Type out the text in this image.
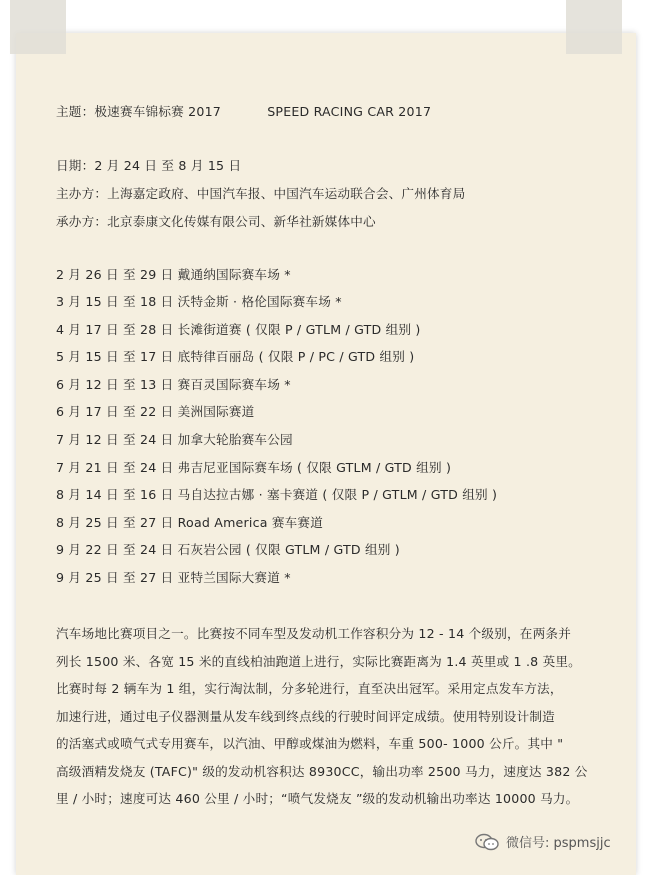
主题：极速赛车锦标赛 2017	SPEED RACING CAR 2017
日期：2 月 24 日 至 8 月 15 日
主办方：上海嘉定政府、中国汽车报、中国汽车运动联合会、广州体育局
承办方：北京泰康文化传媒有限公司、新华社新媒体中心
2 月 26 日 至 29 日 戴通纳国际赛车场 *
3 月 15 日 至 18 日 沃特金斯 · 格伦国际赛车场 *
4 月 17 日 至 28 日 长滩街道赛 ( 仅限 P / GTLM / GTD 组别 )
5 月 15 日 至 17 日 底特律百丽岛 ( 仅限 P / PC / GTD 组别 )
6 月 12 日 至 13 日 赛百灵国际赛车场 *
6 月 17 日 至 22 日 美洲国际赛道
7 月 12 日 至 24 日 加拿大轮胎赛车公园
7 月 21 日 至 24 日 弗吉尼亚国际赛车场 ( 仅限 GTLM / GTD 组别 )
8 月 14 日 至 16 日 马自达拉古娜 · 塞卡赛道 ( 仅限 P / GTLM / GTD 组别 )
8 月 25 日 至 27 日 Road America 赛车赛道
9 月 22 日 至 24 日 石灰岩公园 ( 仅限 GTLM / GTD 组别 )
9 月 25 日 至 27 日 亚特兰国际大赛道 *
汽车场地比赛项目之一。比赛按不同车型及发动机工作容积分为 12 - 14 个级别，在两条并
列长 1500 米、各宽 15 米的直线柏油跑道上进行，实际比赛距离为 1.4 英里或 1 .8 英里。
比赛时每 2 辆车为 1 组，实行淘汰制，分多轮进行，直至决出冠军。采用定点发车方法，
加速行进，通过电子仪器测量从发车线到终点线的行驶时间评定成绩。使用特别设计制造
的活塞式或喷气式专用赛车，以汽油、甲醇或煤油为燃料，车重 500- 1000 公斤。其中 "
高级酒精发烧友 (TAFC)" 级的发动机容积达 8930CC，输出功率 2500 马力，速度达 382 公
里 / 小时；速度可达 460 公里 / 小时；“喷气发烧友 ”级的发动机输出功率达 10000 马力。
微信号: pspmsjjc
